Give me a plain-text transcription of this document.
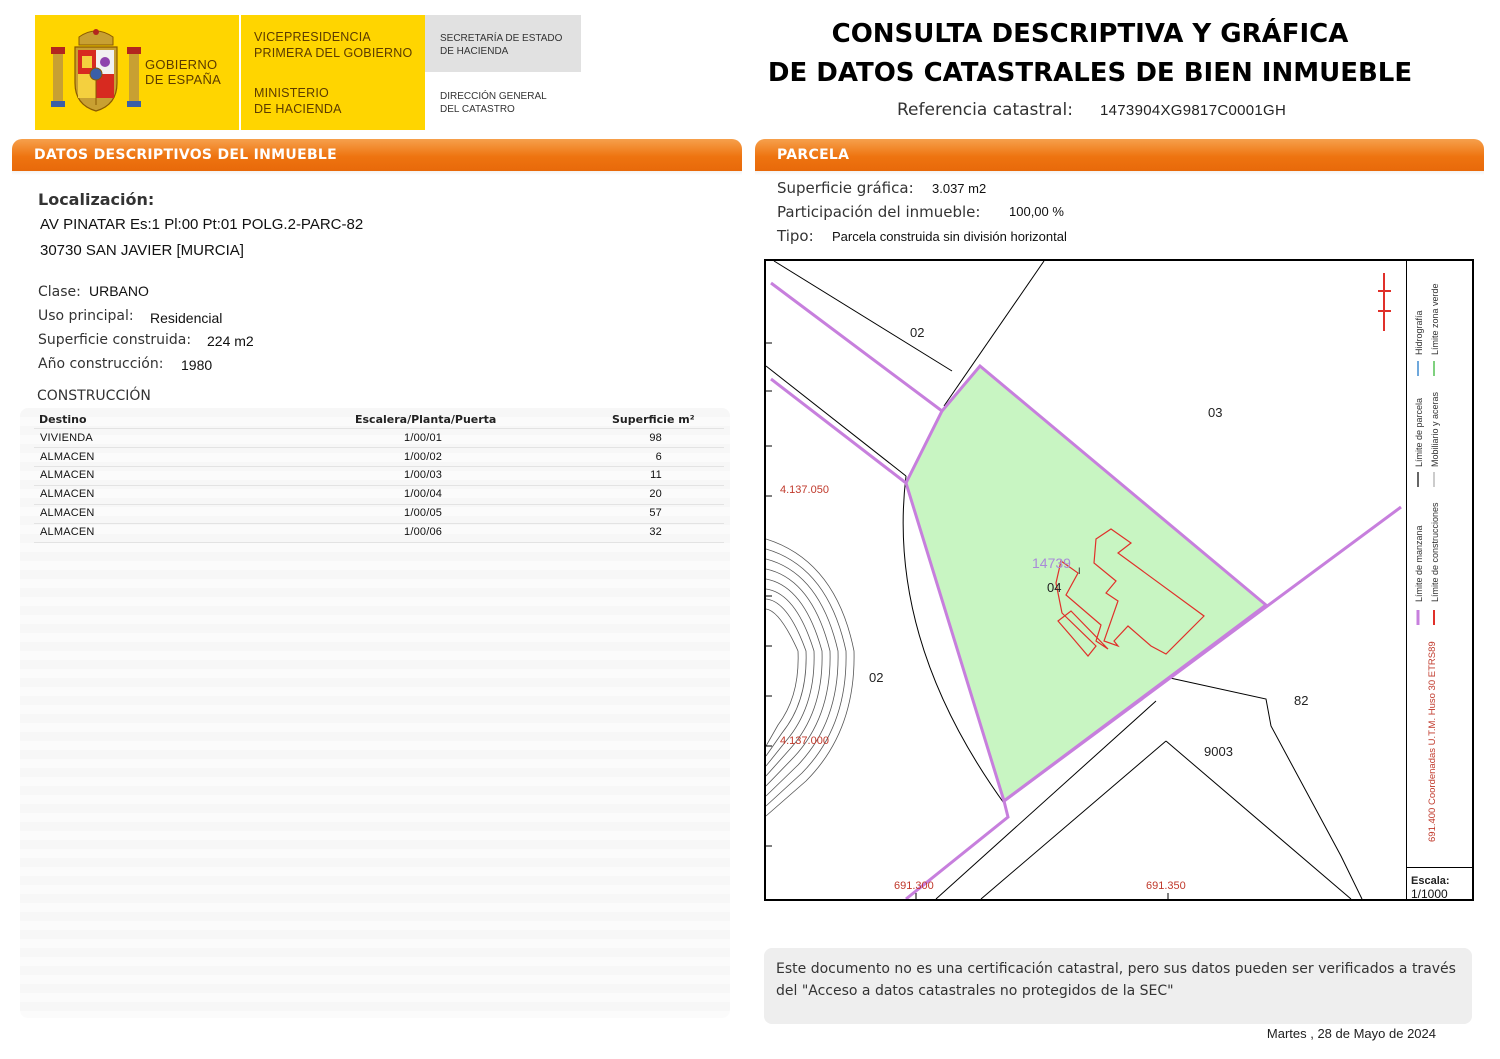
GOBIERNO
DE ESPAÑA
VICEPRESIDENCIA
PRIMERA DEL GOBIERNO
MINISTERIO
DE HACIENDA
SECRETARÍA DE ESTADO
DE HACIENDA
DIRECCIÓN GENERAL
DEL CATASTRO
CONSULTA DESCRIPTIVA Y GRÁFICA
DE DATOS CATASTRALES DE BIEN INMUEBLE
Referencia catastral: 1473904XG9817C0001GH
DATOS DESCRIPTIVOS DEL INMUEBLE
Localización:
AV PINATAR Es:1 Pl:00 Pt:01 POLG.2-PARC-82
30730 SAN JAVIER [MURCIA]
Clase: URBANO
Uso principal: Residencial
Superficie construida: 224 m2
Año construcción: 1980
CONSTRUCCIÓN
Destino	Escalera/Planta/Puerta	Superficie m²
VIVIENDA	1/00/01	98
ALMACEN	1/00/02	6
ALMACEN	1/00/03	11
ALMACEN	1/00/04	20
ALMACEN	1/00/05	57
ALMACEN	1/00/06	32
PARCELA
Superficie gráfica: 3.037 m2
Participación del inmueble: 100,00 %
Tipo: Parcela construida sin división horizontal
02
03
04
02
82
9003
14739 I
4.137.050
4.137.000
691.300	691.350
Límite de manzana
Límite de parcela
Hidrografía
Límite de construcciones
Mobiliario y aceras
Límite zona verde
691.400 Coordenadas U.T.M. Huso 30 ETRS89
Escala:
1/1000
Este documento no es una certificación catastral, pero sus datos pueden ser verificados a través del "Acceso a datos catastrales no protegidos de la SEC"
Martes , 28 de Mayo de 2024
